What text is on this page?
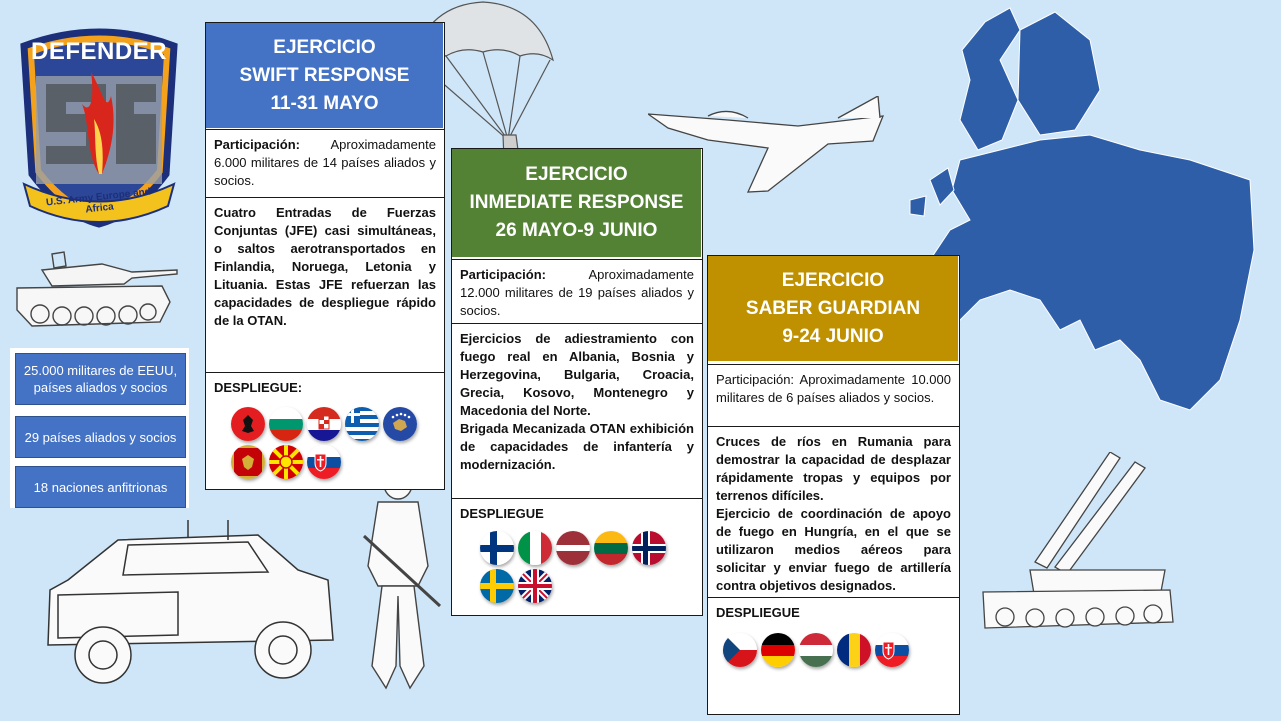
DEFENDER
U.S. Army Europe and Africa
25.000 militares de EEUU, países aliados y socios
29 países aliados y socios
18 naciones anfitrionas
EJERCICIO
SWIFT RESPONSE
11-31 MAYO
Participación: Aproximadamente 6.000 militares de 14 países aliados y socios.
Cuatro Entradas de Fuerzas Conjuntas (JFE) casi simultáneas, o saltos aerotransportados en Finlandia, Noruega, Letonia y Lituania. Estas JFE refuerzan las capacidades de despliegue rápido de la OTAN.
DESPLIEGUE:
EJERCICIO
INMEDIATE RESPONSE
26 MAYO-9 JUNIO
Participación: Aproximadamente 12.000 militares de 19 países aliados y socios.
Ejercicios de adiestramiento con fuego real en Albania, Bosnia y Herzegovina, Bulgaria, Croacia, Grecia, Kosovo, Montenegro y Macedonia del Norte.
Brigada Mecanizada OTAN exhibición de capacidades de infantería y modernización.
DESPLIEGUE
EJERCICIO
SABER GUARDIAN
9-24 JUNIO
Participación: Aproximadamente 10.000 militares de 6 países aliados y socios.
Cruces de ríos en Rumania para demostrar la capacidad de desplazar rápidamente tropas y equipos por terrenos difíciles.
Ejercicio de coordinación de apoyo de fuego en Hungría, en el que se utilizaron medios aéreos para solicitar y enviar fuego de artillería contra objetivos designados.
DESPLIEGUE
